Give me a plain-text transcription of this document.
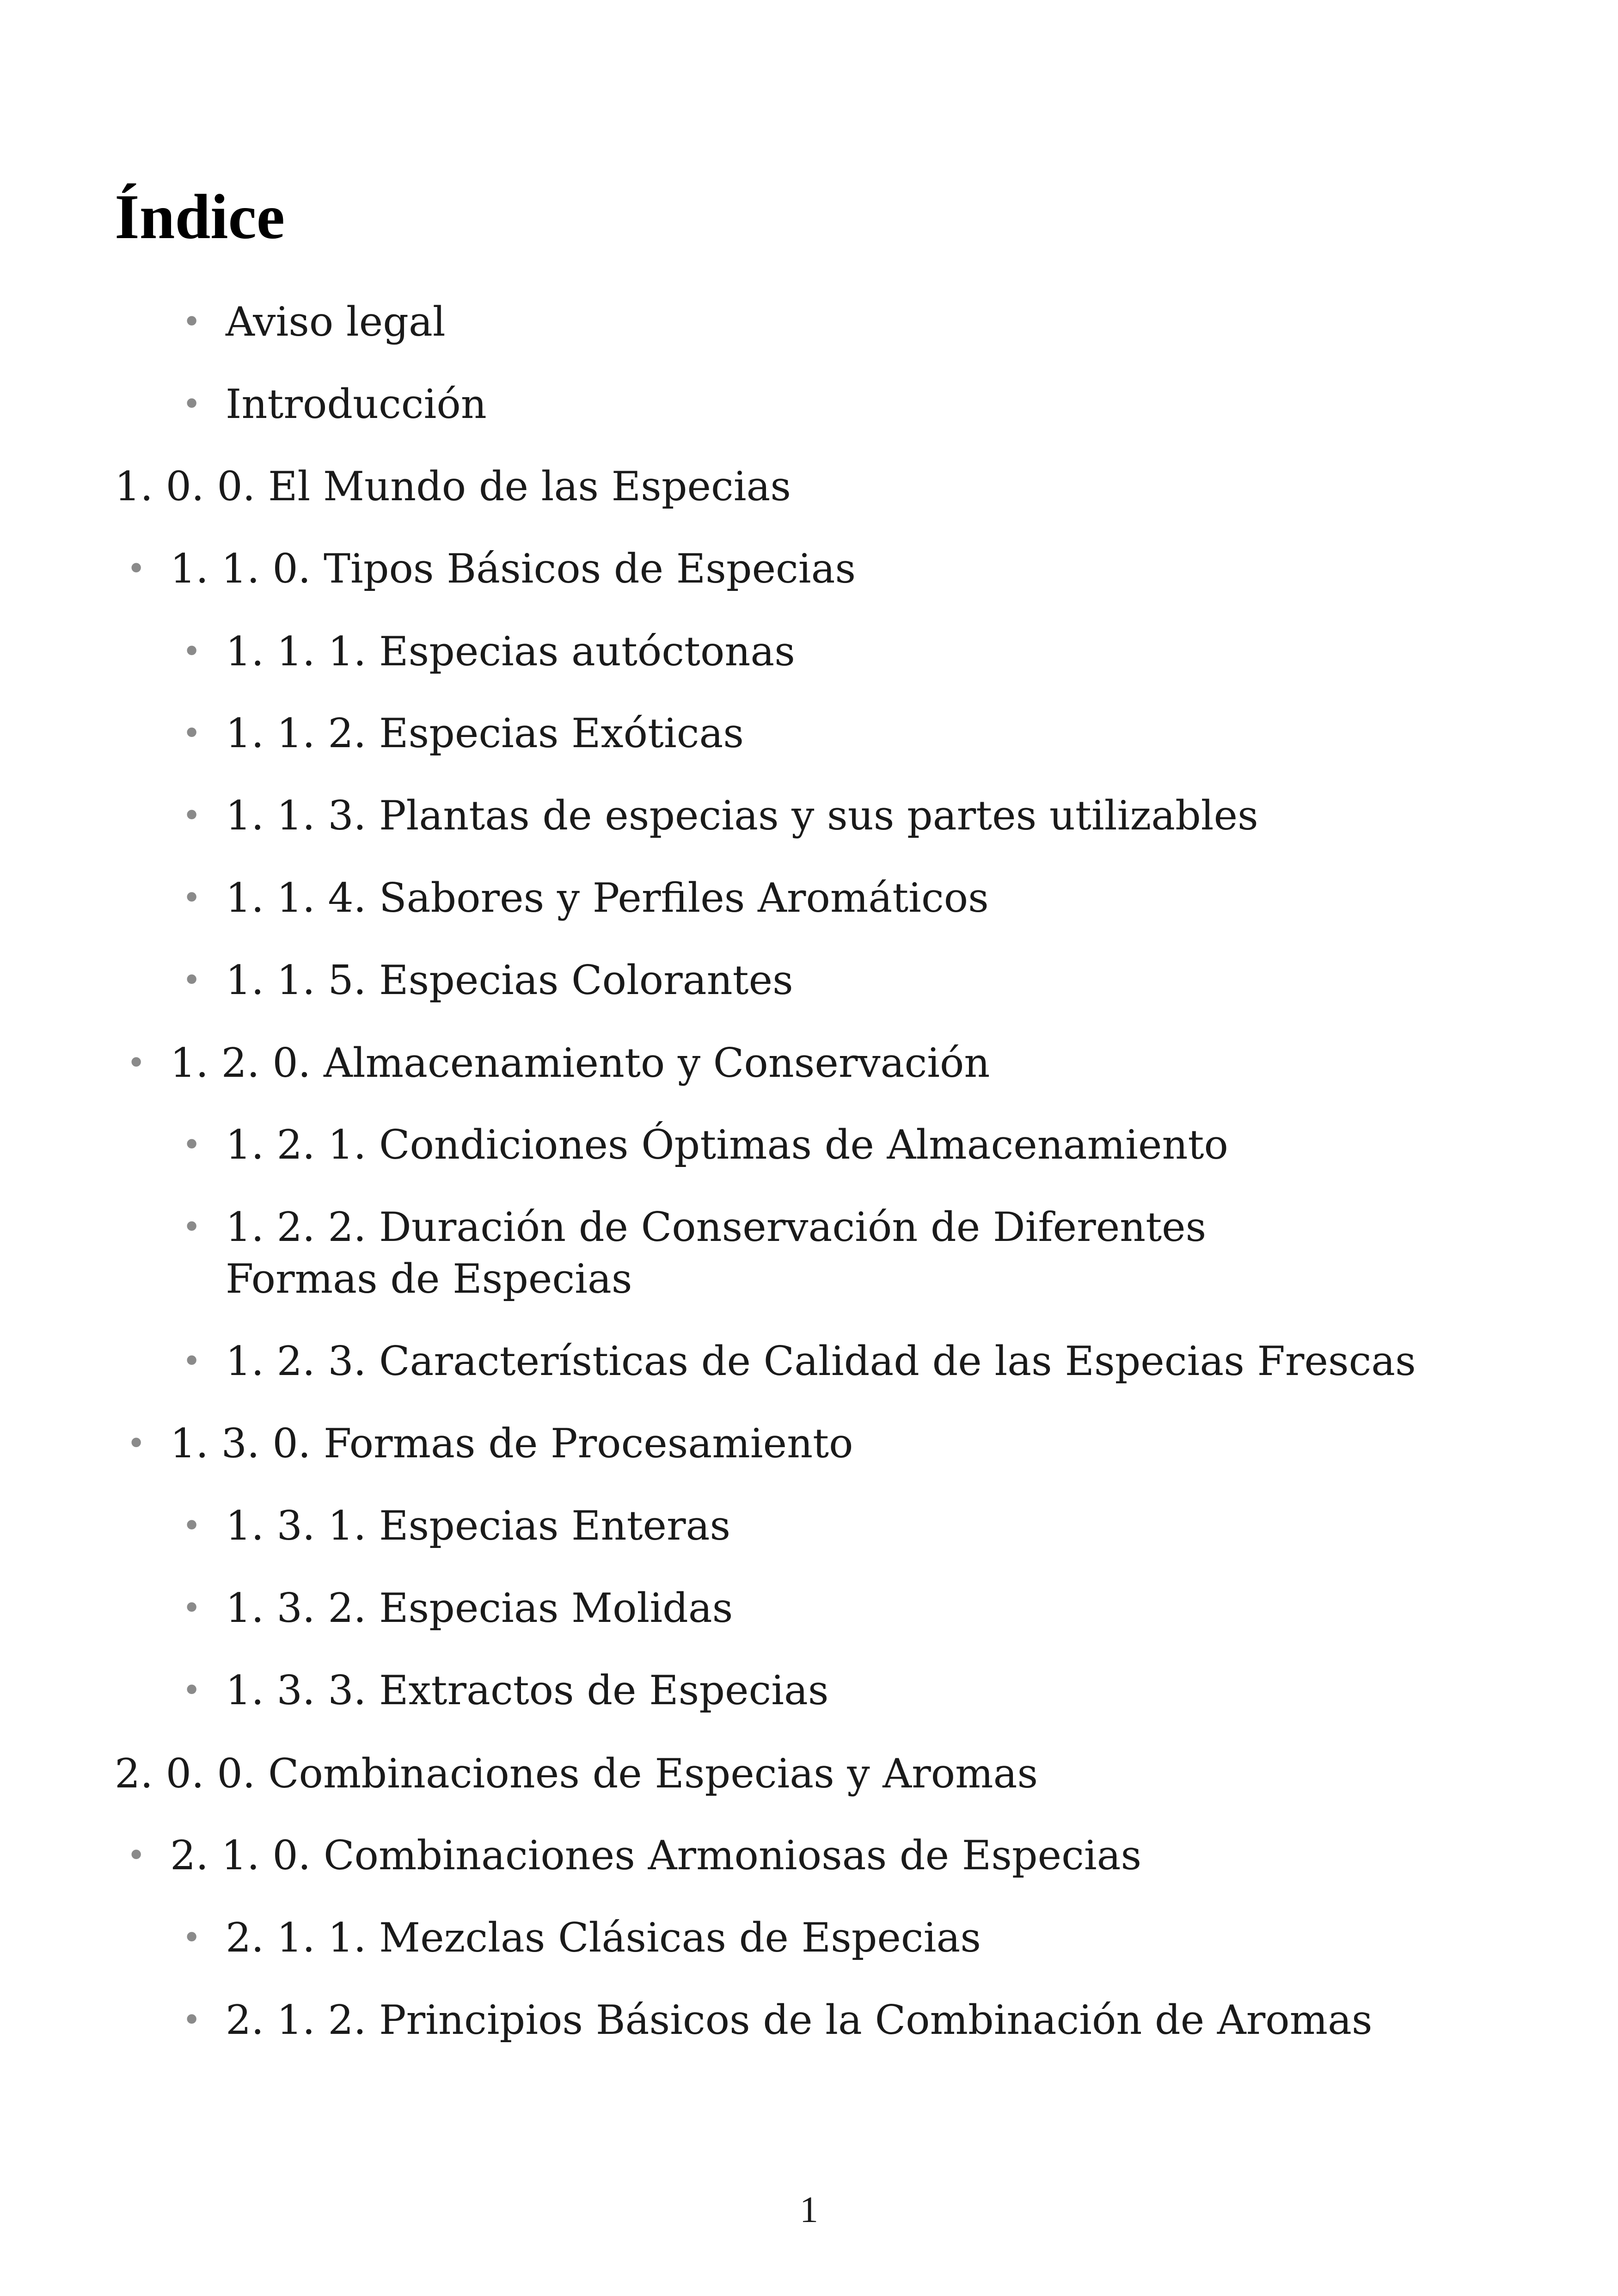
Índice
• Aviso legal
• Introducción
1. 0. 0. El Mundo de las Especias
• 1. 1. 0. Tipos Básicos de Especias
• 1. 1. 1. Especias autóctonas
• 1. 1. 2. Especias Exóticas
• 1. 1. 3. Plantas de especias y sus partes utilizables
• 1. 1. 4. Sabores y Perfiles Aromáticos
• 1. 1. 5. Especias Colorantes
• 1. 2. 0. Almacenamiento y Conservación
• 1. 2. 1. Condiciones Óptimas de Almacenamiento
• 1. 2. 2. Duración de Conservación de Diferentes Formas de Especias
• 1. 2. 3. Características de Calidad de las Especias Frescas
• 1. 3. 0. Formas de Procesamiento
• 1. 3. 1. Especias Enteras
• 1. 3. 2. Especias Molidas
• 1. 3. 3. Extractos de Especias
2. 0. 0. Combinaciones de Especias y Aromas
• 2. 1. 0. Combinaciones Armoniosas de Especias
• 2. 1. 1. Mezclas Clásicas de Especias
• 2. 1. 2. Principios Básicos de la Combinación de Aromas
1
